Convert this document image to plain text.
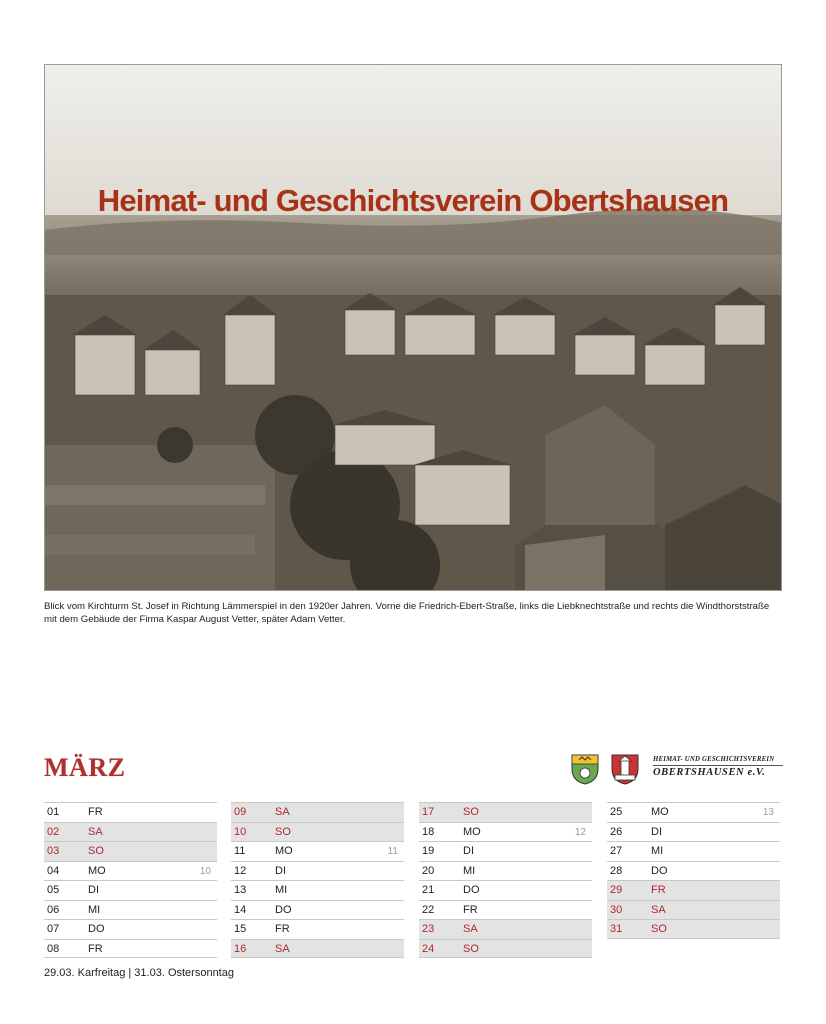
Heimat- und Geschichtsverein Obertshausen
Blick vom Kirchturm St. Josef in Richtung Lämmerspiel in den 1920er Jahren. Vorne die Friedrich-Ebert-Straße, links die Liebknechtstraße und rechts die Windthorststraße
mit dem Gebäude der Firma Kaspar August Vetter, später Adam Vetter.
MÄRZ	HEIMAT- UND GESCHICHTSVEREIN
OBERTSHAUSEN e.V.
01	FR
02	SA
03	SO
04	MO	10
05	DI
06	MI
07	DO
08	FR
09	SA
10	SO
11	MO	11
12	DI
13	MI
14	DO
15	FR
16	SA
17	SO
18	MO	12
19	DI
20	MI
21	DO
22	FR
23	SA
24	SO
25	MO	13
26	DI
27	MI
28	DO
29	FR
30	SA
31	SO
29.03. Karfreitag | 31.03. Ostersonntag
